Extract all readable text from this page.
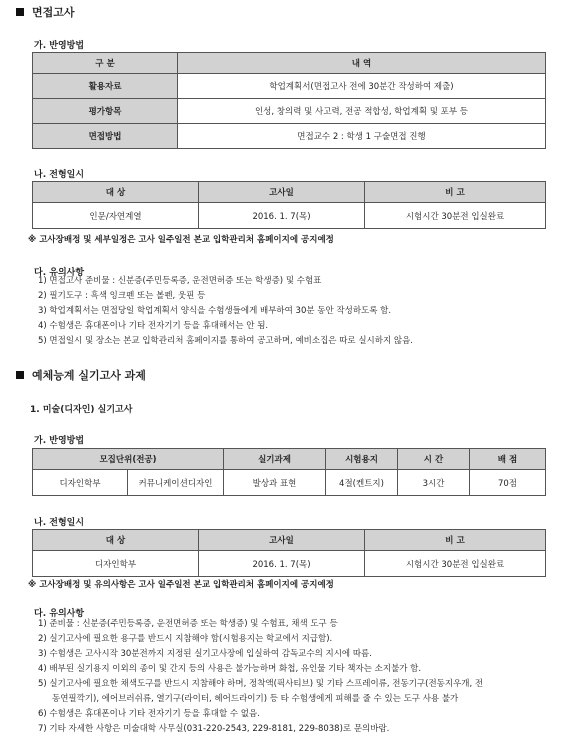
면접고사
가. 반영방법
구 분	내 역
활용자료	학업계획서(면접고사 전에 30분간 작성하여 제출)
평가항목	인성, 창의력 및 사고력, 전공 적합성, 학업계획 및 포부 등
면접방법	면접교수 2 : 학생 1 구술면접 진행
나. 전형일시
대 상	고사일	비 고
인문/자연계열	2016. 1. 7(목)	시험시간 30분전 입실완료
※ 고사장배정 및 세부일정은 고사 일주일전 본교 입학관리처 홈페이지에 공지예정
다. 유의사항
1) 면접고사 준비물 : 신분증(주민등록증, 운전면허증 또는 학생증) 및 수험표
2) 필기도구 : 흑색 잉크펜 또는 볼펜, 웃핀 등
3) 학업계획서는 면접당일 학업계획서 양식을 수험생들에게 배부하여 30분 동안 작성하도록 함.
4) 수험생은 휴대폰이나 기타 전자기기 등을 휴대해서는 안 됨.
5) 면접일시 및 장소는 본교 입학관리처 홈페이지를 통하여 공고하며, 예비소집은 따로 실시하지 않음.
예체능계 실기고사 과제
1. 미술(디자인) 실기고사
가. 반영방법
모집단위(전공)		실기과제	시험용지	시 간	배 점
디자인학부	커뮤니케이션디자인	발상과 표현	4절(켄트지)	3시간	70점
나. 전형일시
대 상	고사일	비 고
디자인학부	2016. 1. 7(목)	시험시간 30분전 입실완료
※ 고사장배정 및 유의사항은 고사 일주일전 본교 입학관리처 홈페이지에 공지예정
다. 유의사항
1) 준비물 : 신분증(주민등록증, 운전면허증 또는 학생증) 및 수험표, 채색 도구 등
2) 실기고사에 필요한 용구를 반드시 지참해야 함(시험용지는 학교에서 지급함).
3) 수험생은 고사시작 30분전까지 지정된 실기고사장에 입실하여 감독교수의 지시에 따름.
4) 배부된 실기용지 이외의 종이 및 간지 등의 사용은 불가능하며 화첩, 유인물 기타 책자는 소지불가 함.
5) 실기고사에 필요한 채색도구를 반드시 지참해야 하며, 정착액(픽사티브) 및 기타 스프레이류, 전동기구(전동지우개, 전
동연필깍기), 에어브러쉬류, 열기구(라이터, 헤어드라이기) 등 타 수험생에게 피해를 줄 수 있는 도구 사용 불가
6) 수험생은 휴대폰이나 기타 전자기기 등을 휴대할 수 없음.
7) 기타 자세한 사항은 미술대학 사무실(031-220-2543, 229-8181, 229-8038)로 문의바람.
